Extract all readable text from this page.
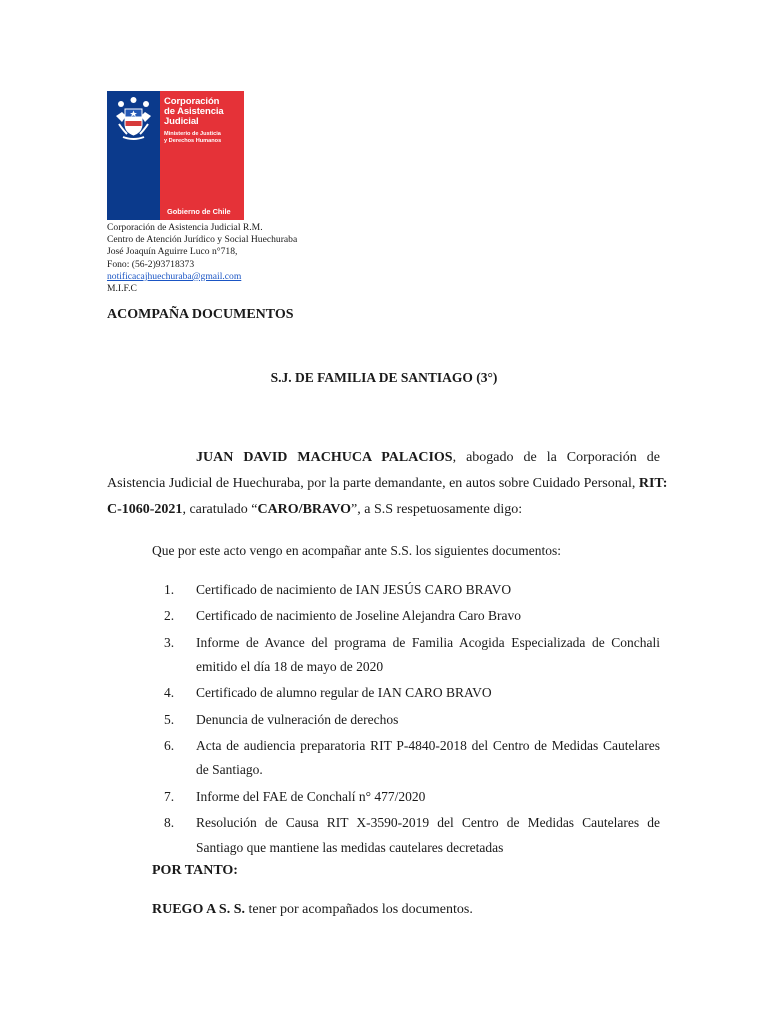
Corporación
de Asistencia
Judicial
Ministerio de Justicia
y Derechos Humanos
Gobierno de Chile
Corporación de Asistencia Judicial R.M.
Centro de Atención Jurídico y Social Huechuraba
José Joaquín Aguirre Luco n°718,
Fono: (56-2)93718373
notificacajhuechuraba@gmail.com
M.I.F.C
ACOMPAÑA DOCUMENTOS
S.J. DE FAMILIA DE SANTIAGO (3°)
JUAN DAVID MACHUCA PALACIOS, abogado de la Corporación de
Asistencia Judicial de Huechuraba, por la parte demandante, en autos sobre Cuidado Personal, RIT:
C-1060-2021, caratulado “CARO/BRAVO”, a S.S respetuosamente digo:
Que por este acto vengo en acompañar ante S.S. los siguientes documentos:
1.	Certificado de nacimiento de IAN JESÚS CARO BRAVO
2.	Certificado de nacimiento de Joseline Alejandra Caro Bravo
3.	Informe de Avance del programa de Familia Acogida Especializada de Conchali
emitido el día 18 de mayo de 2020
4.	Certificado de alumno regular de IAN CARO BRAVO
5.	Denuncia de vulneración de derechos
6.	Acta de audiencia preparatoria RIT P-4840-2018 del Centro de Medidas Cautelares
de Santiago.
7.	Informe del FAE de Conchalí n° 477/2020
8.	Resolución de Causa RIT X-3590-2019 del Centro de Medidas Cautelares de
Santiago que mantiene las medidas cautelares decretadas
POR TANTO:
RUEGO A S. S. tener por acompañados los documentos.
